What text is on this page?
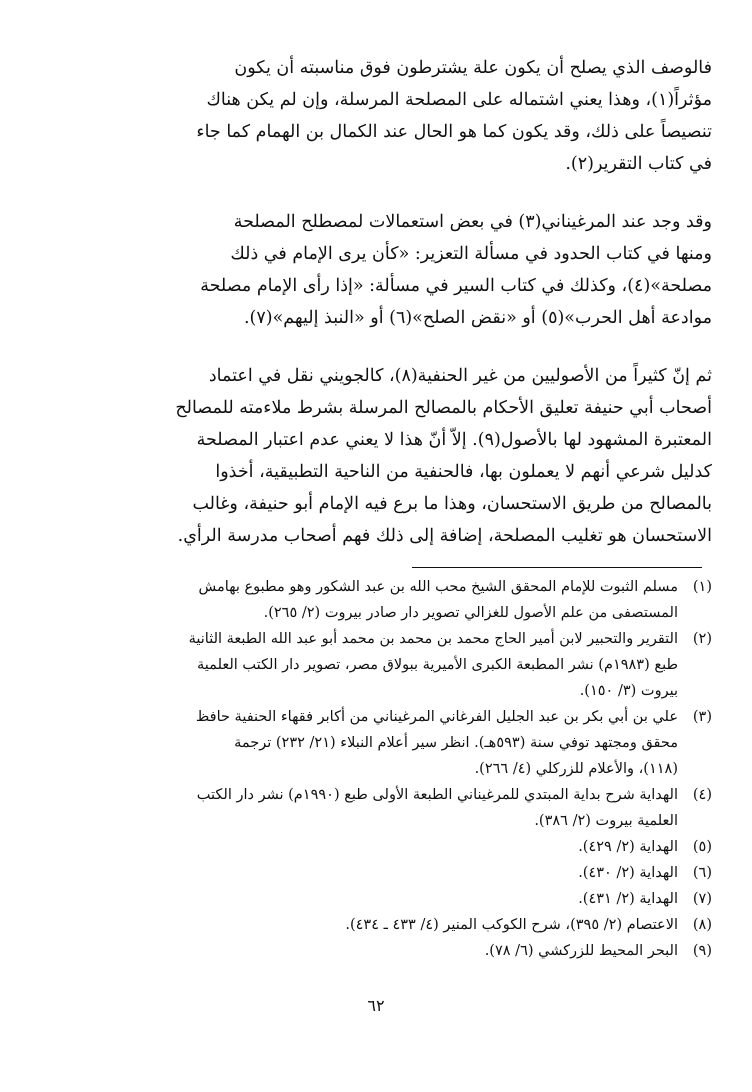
فالوصف الذي يصلح أن يكون علة يشترطون فوق مناسبته أن يكون
مؤثراً(١)، وهذا يعني اشتماله على المصلحة المرسلة، وإن لم يكن هناك
تنصيصاً على ذلك، وقد يكون كما هو الحال عند الكمال بن الهمام كما جاء
في كتاب التقرير(٢).
وقد وجد عند المرغيناني(٣) في بعض استعمالات لمصطلح المصلحة
ومنها في كتاب الحدود في مسألة التعزير: «كأن يرى الإمام في ذلك
مصلحة»(٤)، وكذلك في كتاب السير في مسألة: «إذا رأى الإمام مصلحة
موادعة أهل الحرب»(٥) أو «نقض الصلح»(٦) أو «النبذ إليهم»(٧).
ثم إنّ كثيراً من الأصوليين من غير الحنفية(٨)، كالجويني نقل في اعتماد
أصحاب أبي حنيفة تعليق الأحكام بالمصالح المرسلة بشرط ملاءمته للمصالح
المعتبرة المشهود لها بالأصول(٩). إلاّ أنّ هذا لا يعني عدم اعتبار المصلحة
كدليل شرعي أنهم لا يعملون بها، فالحنفية من الناحية التطبيقية، أخذوا
بالمصالح من طريق الاستحسان، وهذا ما برع فيه الإمام أبو حنيفة، وغالب
الاستحسان هو تغليب المصلحة، إضافة إلى ذلك فهم أصحاب مدرسة الرأي.
(١)
مسلم الثبوت للإمام المحقق الشيخ محب الله بن عبد الشكور وهو مطبوع بهامش
المستصفى من علم الأصول للغزالي تصوير دار صادر بيروت (٢/ ٢٦٥).
(٢)
التقرير والتحبير لابن أمير الحاج محمد بن محمد بن محمد أبو عبد الله الطبعة الثانية
طبع (١٩٨٣م) نشر المطبعة الكبرى الأميرية ببولاق مصر، تصوير دار الكتب العلمية
بيروت (٣/ ١٥٠).
(٣)
علي بن أبي بكر بن عبد الجليل الفرغاني المرغيناني من أكابر فقهاء الحنفية حافظ
محقق ومجتهد توفي سنة (٥٩٣هـ). انظر سير أعلام النبلاء (٢١/ ٢٣٢) ترجمة
(١١٨)، والأعلام للزركلي (٤/ ٢٦٦).
(٤)
الهداية شرح بداية المبتدي للمرغيناني الطبعة الأولى طبع (١٩٩٠م) نشر دار الكتب
العلمية بيروت (٢/ ٣٨٦).
(٥)
الهداية (٢/ ٤٢٩).
(٦)
الهداية (٢/ ٤٣٠).
(٧)
الهداية (٢/ ٤٣١).
(٨)
الاعتصام (٢/ ٣٩٥)، شرح الكوكب المنير (٤/ ٤٣٣ ـ ٤٣٤).
(٩)
البحر المحيط للزركشي (٦/ ٧٨).
٦٢
